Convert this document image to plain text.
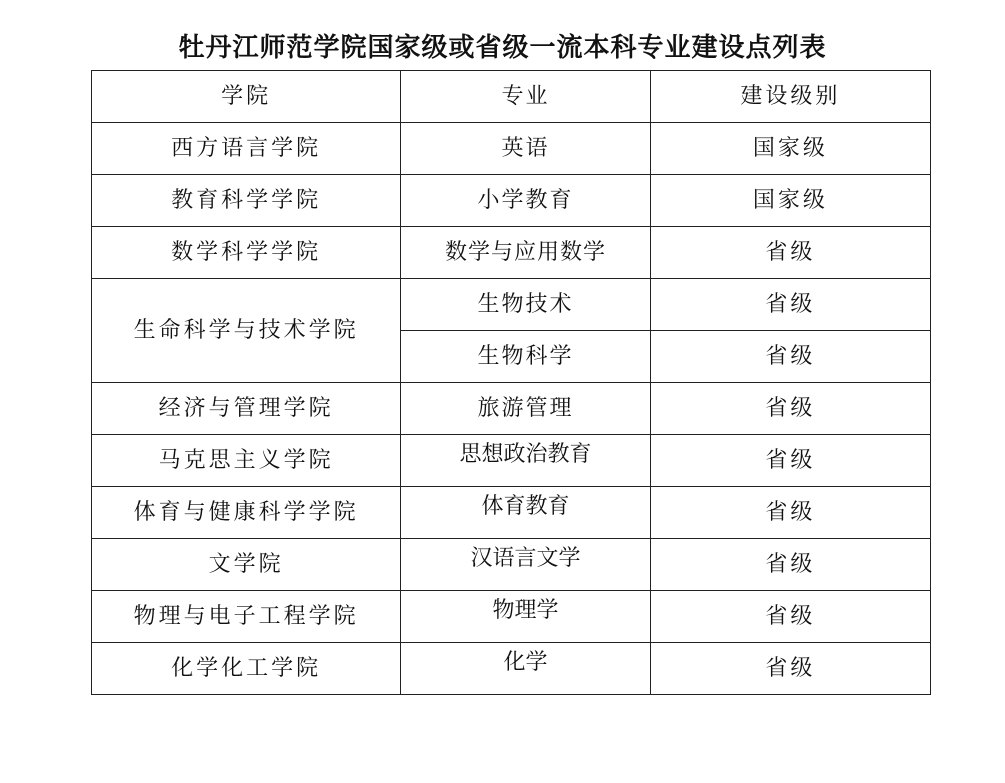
牡丹江师范学院国家级或省级一流本科专业建设点列表
学院	专业	建设级别
西方语言学院	英语	国家级
教育科学学院	小学教育	国家级
数学科学学院	数学与应用数学	省级
生命科学与技术学院	生物技术	省级
	生物科学	省级
经济与管理学院	旅游管理	省级
马克思主义学院	思想政治教育	省级
体育与健康科学学院	体育教育	省级
文学院	汉语言文学	省级
物理与电子工程学院	物理学	省级
化学化工学院	化学	省级
